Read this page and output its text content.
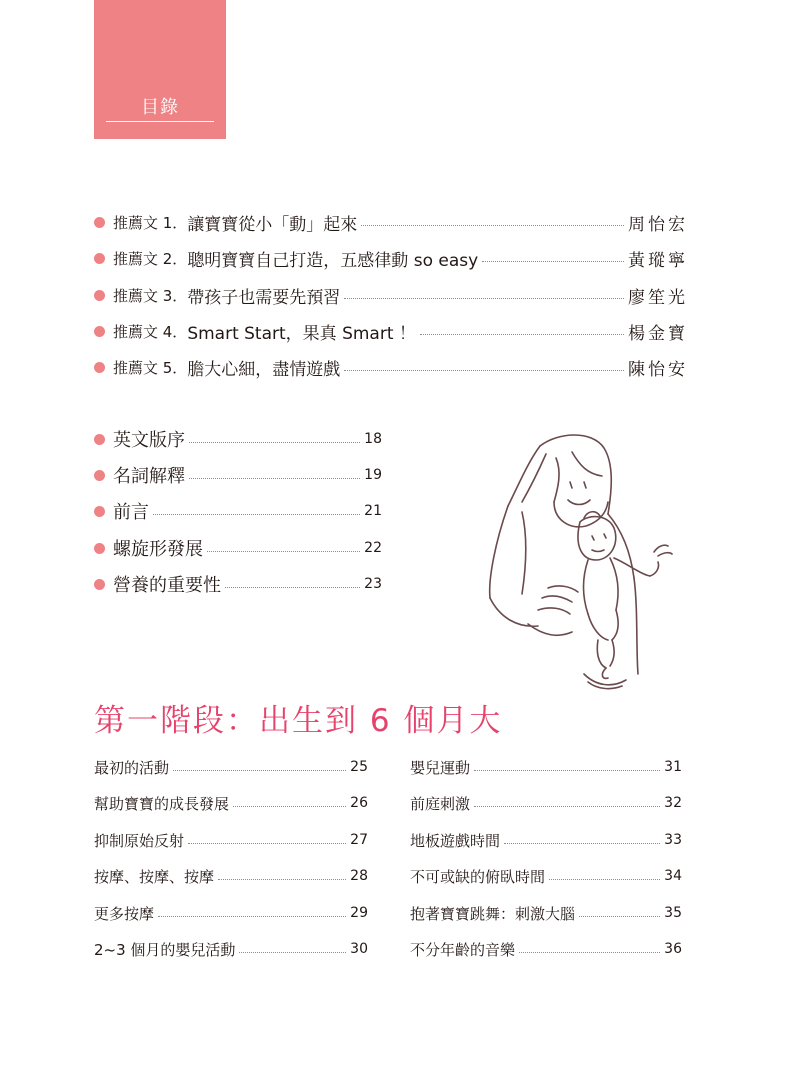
目錄
推薦文 1． 讓寶寶從小「動」起來	周怡宏
推薦文 2． 聰明寶寶自己打造，五感律動 so easy	黃瑽寧
推薦文 3． 帶孩子也需要先預習	廖笙光
推薦文 4． Smart Start，果真 Smart ！	楊金寶
推薦文 5． 膽大心細，盡情遊戲	陳怡安
英文版序	18
名詞解釋	19
前言	21
螺旋形發展	22
營養的重要性	23
第一階段：出生到 6 個月大
最初的活動	25
幫助寶寶的成長發展	26
抑制原始反射	27
按摩、按摩、按摩	28
更多按摩	29
2~3 個月的嬰兒活動	30
嬰兒運動	31
前庭刺激	32
地板遊戲時間	33
不可或缺的俯臥時間	34
抱著寶寶跳舞：刺激大腦	35
不分年齡的音樂	36
